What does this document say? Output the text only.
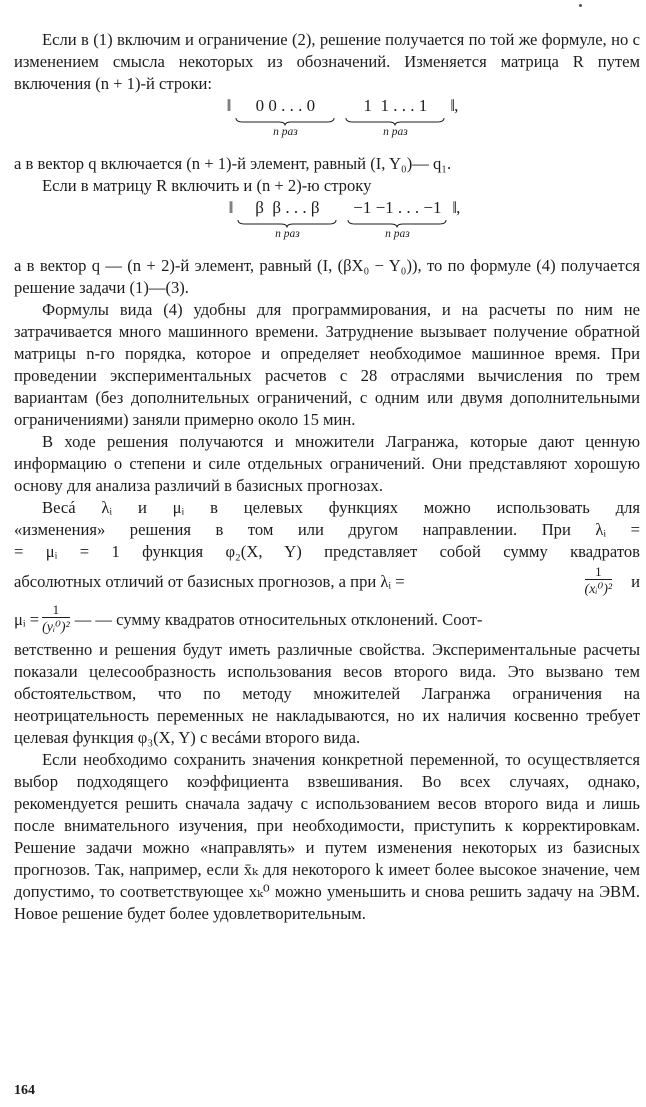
Если в (1) включим и ограничение (2), решение получается по той же формуле, но с изменением смысла некоторых из обозначений. Изменяется матрица R путем включения (n + 1)-й строки:

‖ 0 0 . . . 0
n раз
1  1 . . . 1
n раз
‖,

а в вектор q включается (n + 1)-й элемент, равный (I, Y₀)— q₁.

Если в матрицу R включить и (n + 2)-ю строку

‖ β  β . . . β
n раз
−1 −1 . . . −1
n раз
‖,

а в вектор q — (n + 2)-й элемент, равный (I, (βX₀ − Y₀)), то по формуле (4) получается решение задачи (1)—(3).

Формулы вида (4) удобны для программирования, и на расчеты по ним не затрачивается много машинного времени. Затруднение вызывает получение обратной матрицы n-го порядка, которое и определяет необходимое машинное время. При проведении экспериментальных расчетов с 28 отраслями вычисления по трем вариантам (без дополнительных ограничений, с одним или двумя дополнительными ограничениями) заняли примерно около 15 мин.

В ходе решения получаются и множители Лагранжа, которые дают ценную информацию о степени и силе отдельных ограничений. Они представляют хорошую основу для анализа различий в базисных прогнозах.

Весá λᵢ и μᵢ в целевых функциях можно использовать для

«изменения» решения в том или другом направлении. При λᵢ =

= μᵢ = 1 функция φ₂(X, Y) представляет собой сумму квадратов

абсолютных отличий от базисных прогнозов, а при λᵢ =	$\frac{1}{\text{(xᵢ⁰)²}}$ и
μᵢ = $\frac{1}{\text{(yᵢ⁰)²}}$ — — сумму квадратов относительных отклонений. Соот-

ветственно и решения будут иметь различные свойства. Экспериментальные расчеты показали целесообразность использования весов второго вида. Это вызвано тем обстоятельством, что по методу множителей Лагранжа ограничения на неотрицательность переменных не накладываются, но их наличия косвенно требует целевая функция φ₃(X, Y) с весáми второго вида.

Если необходимо сохранить значения конкретной переменной, то осуществляется выбор подходящего коэффициента взвешивания. Во всех случаях, однако, рекомендуется решить сначала задачу с использованием весов второго вида и лишь после внимательного изучения, при необходимости, приступить к корректировкам. Решение задачи можно «направлять» и путем изменения некоторых из базисных прогнозов. Так, например, если x̄ₖ для некоторого k имеет более высокое значение, чем допустимо, то соответствующее xₖ⁰ можно уменьшить и снова решить задачу на ЭВМ. Новое решение будет более удовлетворительным.

164
